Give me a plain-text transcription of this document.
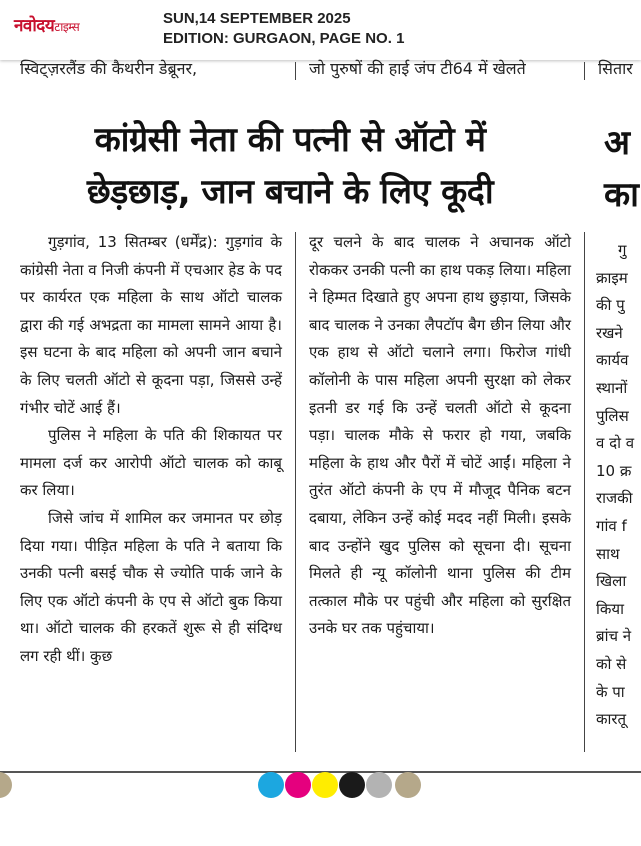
नवोदयटाइम्स	SUN,14 SEPTEMBER 2025
EDITION: GURGAON, PAGE NO. 1
स्विट्ज़रलैंड की कैथरीन डेब्रूनर,	जो पुरुषों की हाई जंप टी64 में खेलते	सितार
कांग्रेसी नेता की पत्नी से ऑटो में
छेड़छाड़, जान बचाने के लिए कूदी
अ
का

गुड़गांव, 13 सितम्बर (धर्मेंद्र): गुड़गांव के कांग्रेसी नेता व निजी कंपनी में एचआर हेड के पद पर कार्यरत एक महिला के साथ ऑटो चालक द्वारा की गई अभद्रता का मामला सामने आया है। इस घटना के बाद महिला को अपनी जान बचाने के लिए चलती ऑटो से कूदना पड़ा, जिससे उन्हें गंभीर चोटें आई हैं।

पुलिस ने महिला के पति की शिकायत पर मामला दर्ज कर आरोपी ऑटो चालक को काबू कर लिया।

जिसे जांच में शामिल कर जमानत पर छोड़ दिया गया। पीड़ित महिला के पति ने बताया कि उनकी पत्नी बसई चौक से ज्योति पार्क जाने के लिए एक ऑटो कंपनी के एप से ऑटो बुक किया था। ऑटो चालक की हरकतें शुरू से ही संदिग्ध लग रही थीं। कुछ

दूर चलने के बाद चालक ने अचानक ऑटो रोककर उनकी पत्नी का हाथ पकड़ लिया। महिला ने हिम्मत दिखाते हुए अपना हाथ छुड़ाया, जिसके बाद चालक ने उनका लैपटॉप बैग छीन लिया और एक हाथ से ऑटो चलाने लगा। फिरोज गांधी कॉलोनी के पास महिला अपनी सुरक्षा को लेकर इतनी डर गई कि उन्हें चलती ऑटो से कूदना पड़ा। चालक मौके से फरार हो गया, जबकि महिला के हाथ और पैरों में चोटें आईं। महिला ने तुरंत ऑटो कंपनी के एप में मौजूद पैनिक बटन दबाया, लेकिन उन्हें कोई मदद नहीं मिली। इसके बाद उन्होंने खुद पुलिस को सूचना दी। सूचना मिलते ही न्यू कॉलोनी थाना पुलिस की टीम तत्काल मौके पर पहुंची और महिला को सुरक्षित उनके घर तक पहुंचाया।

गु
क्राइम
की पु
रखने
कार्यव
स्थानों
पुलिस
व दो व
10 क्र
राजकी
गांव f
साथ
खिला
किया
ब्रांच ने
को से
के पा
कारतू
